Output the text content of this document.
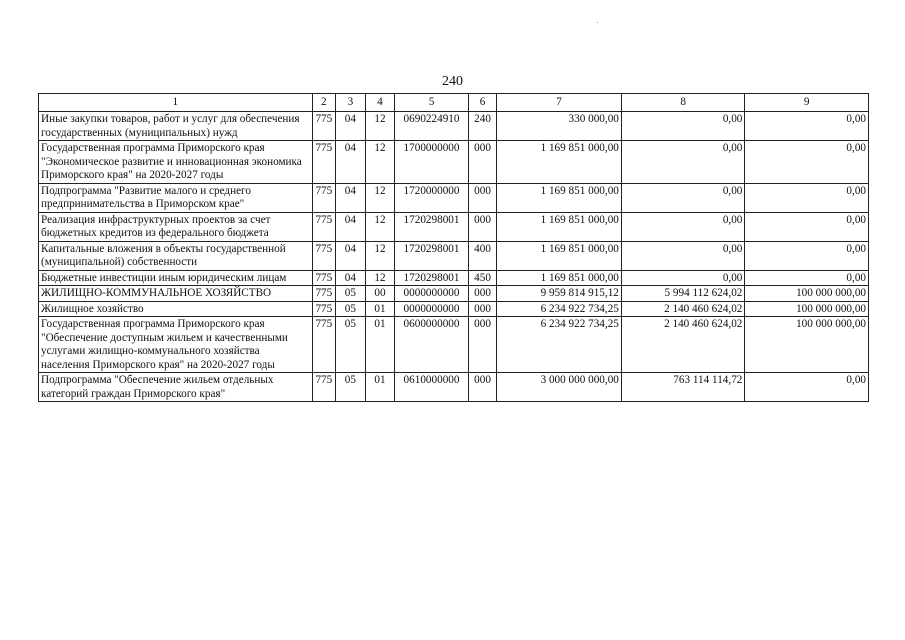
240
1	2	3	4	5	6	7	8	9
Иные закупки товаров, работ и услуг для обеспечения государственных (муниципальных) нужд	775	04	12	0690224910	240	330 000,00	0,00	0,00
Государственная программа Приморского края "Экономическое развитие и инновационная экономика Приморского края" на 2020-2027 годы	775	04	12	1700000000	000	1 169 851 000,00	0,00	0,00
Подпрограмма "Развитие малого и среднего предпринимательства в Приморском крае"	775	04	12	1720000000	000	1 169 851 000,00	0,00	0,00
Реализация инфраструктурных проектов за счет бюджетных кредитов из федерального бюджета	775	04	12	1720298001	000	1 169 851 000,00	0,00	0,00
Капитальные вложения в объекты государственной (муниципальной) собственности	775	04	12	1720298001	400	1 169 851 000,00	0,00	0,00
Бюджетные инвестиции иным юридическим лицам	775	04	12	1720298001	450	1 169 851 000,00	0,00	0,00
ЖИЛИЩНО-КОММУНАЛЬНОЕ ХОЗЯЙСТВО	775	05	00	0000000000	000	9 959 814 915,12	5 994 112 624,02	100 000 000,00
Жилищное хозяйство	775	05	01	0000000000	000	6 234 922 734,25	2 140 460 624,02	100 000 000,00
Государственная программа Приморского края "Обеспечение доступным жильем и качественными услугами жилищно-коммунального хозяйства населения Приморского края" на 2020-2027 годы	775	05	01	0600000000	000	6 234 922 734,25	2 140 460 624,02	100 000 000,00
Подпрограмма "Обеспечение жильем отдельных категорий граждан Приморского края"	775	05	01	0610000000	000	3 000 000 000,00	763 114 114,72	0,00
